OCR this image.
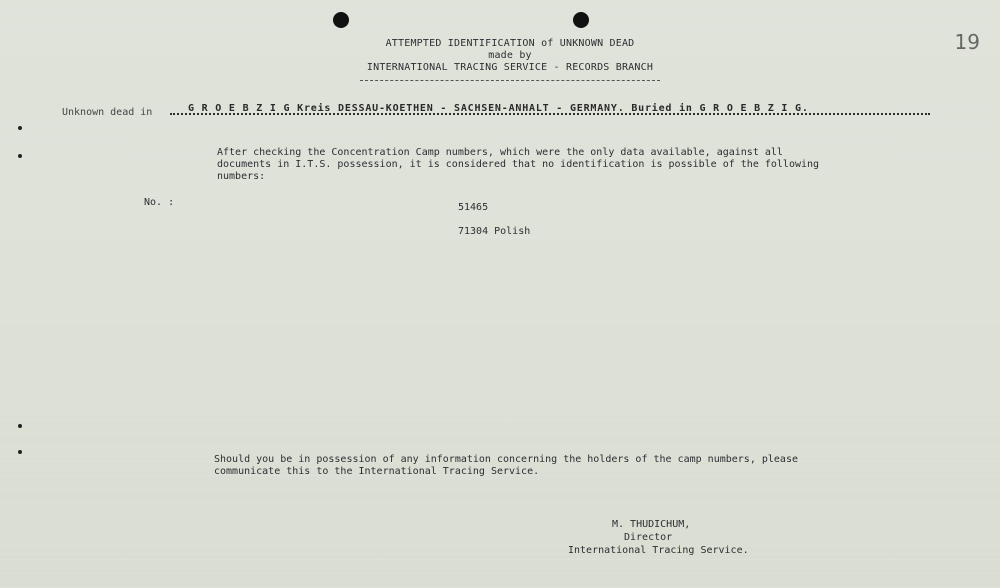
19
ATTEMPTED IDENTIFICATION of UNKNOWN DEAD
made by
INTERNATIONAL TRACING SERVICE - RECORDS BRANCH
Unknown dead in	G R O E B Z I G Kreis DESSAU-KOETHEN - SACHSEN-ANHALT - GERMANY. Buried in G R O E B Z I G.
After checking the Concentration Camp numbers, which were the only data available, against all documents in I.T.S. possession, it is considered that no identification is possible of the following numbers:
No. :	51465
71304 Polish
Should you be in possession of any information concerning the holders of the camp numbers, please communicate this to the International Tracing Service.
M. THUDICHUM,
Director
International Tracing Service.
